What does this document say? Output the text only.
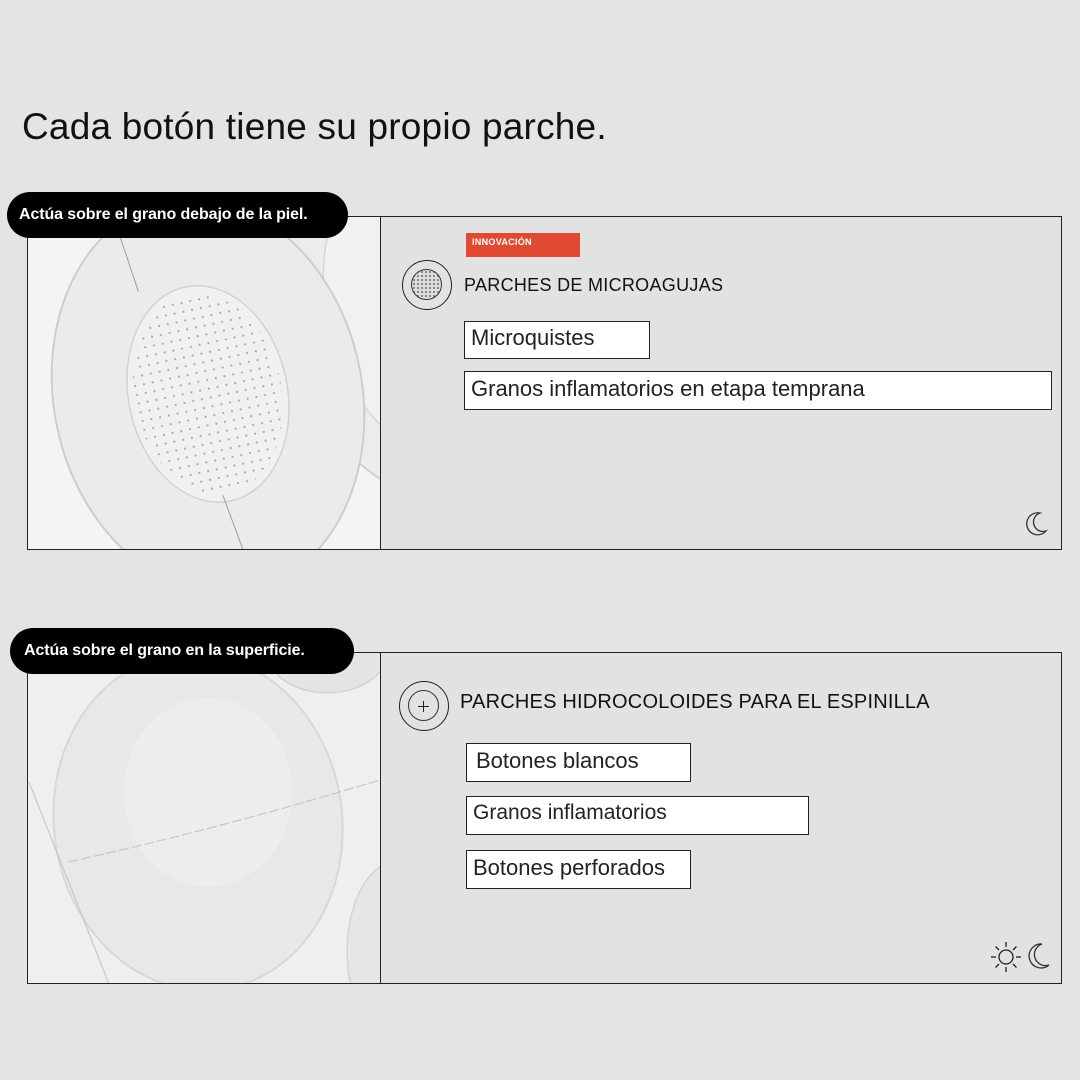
Cada botón tiene su propio parche.
INNOVACIÓN
PARCHES DE MICROAGUJAS
Microquistes
Granos inflamatorios en etapa temprana
Actúa sobre el grano debajo de la piel.
PARCHES HIDROCOLOIDES PARA EL ESPINILLA
Botones blancos
Granos inflamatorios
Botones perforados
Actúa sobre el grano en la superficie.
